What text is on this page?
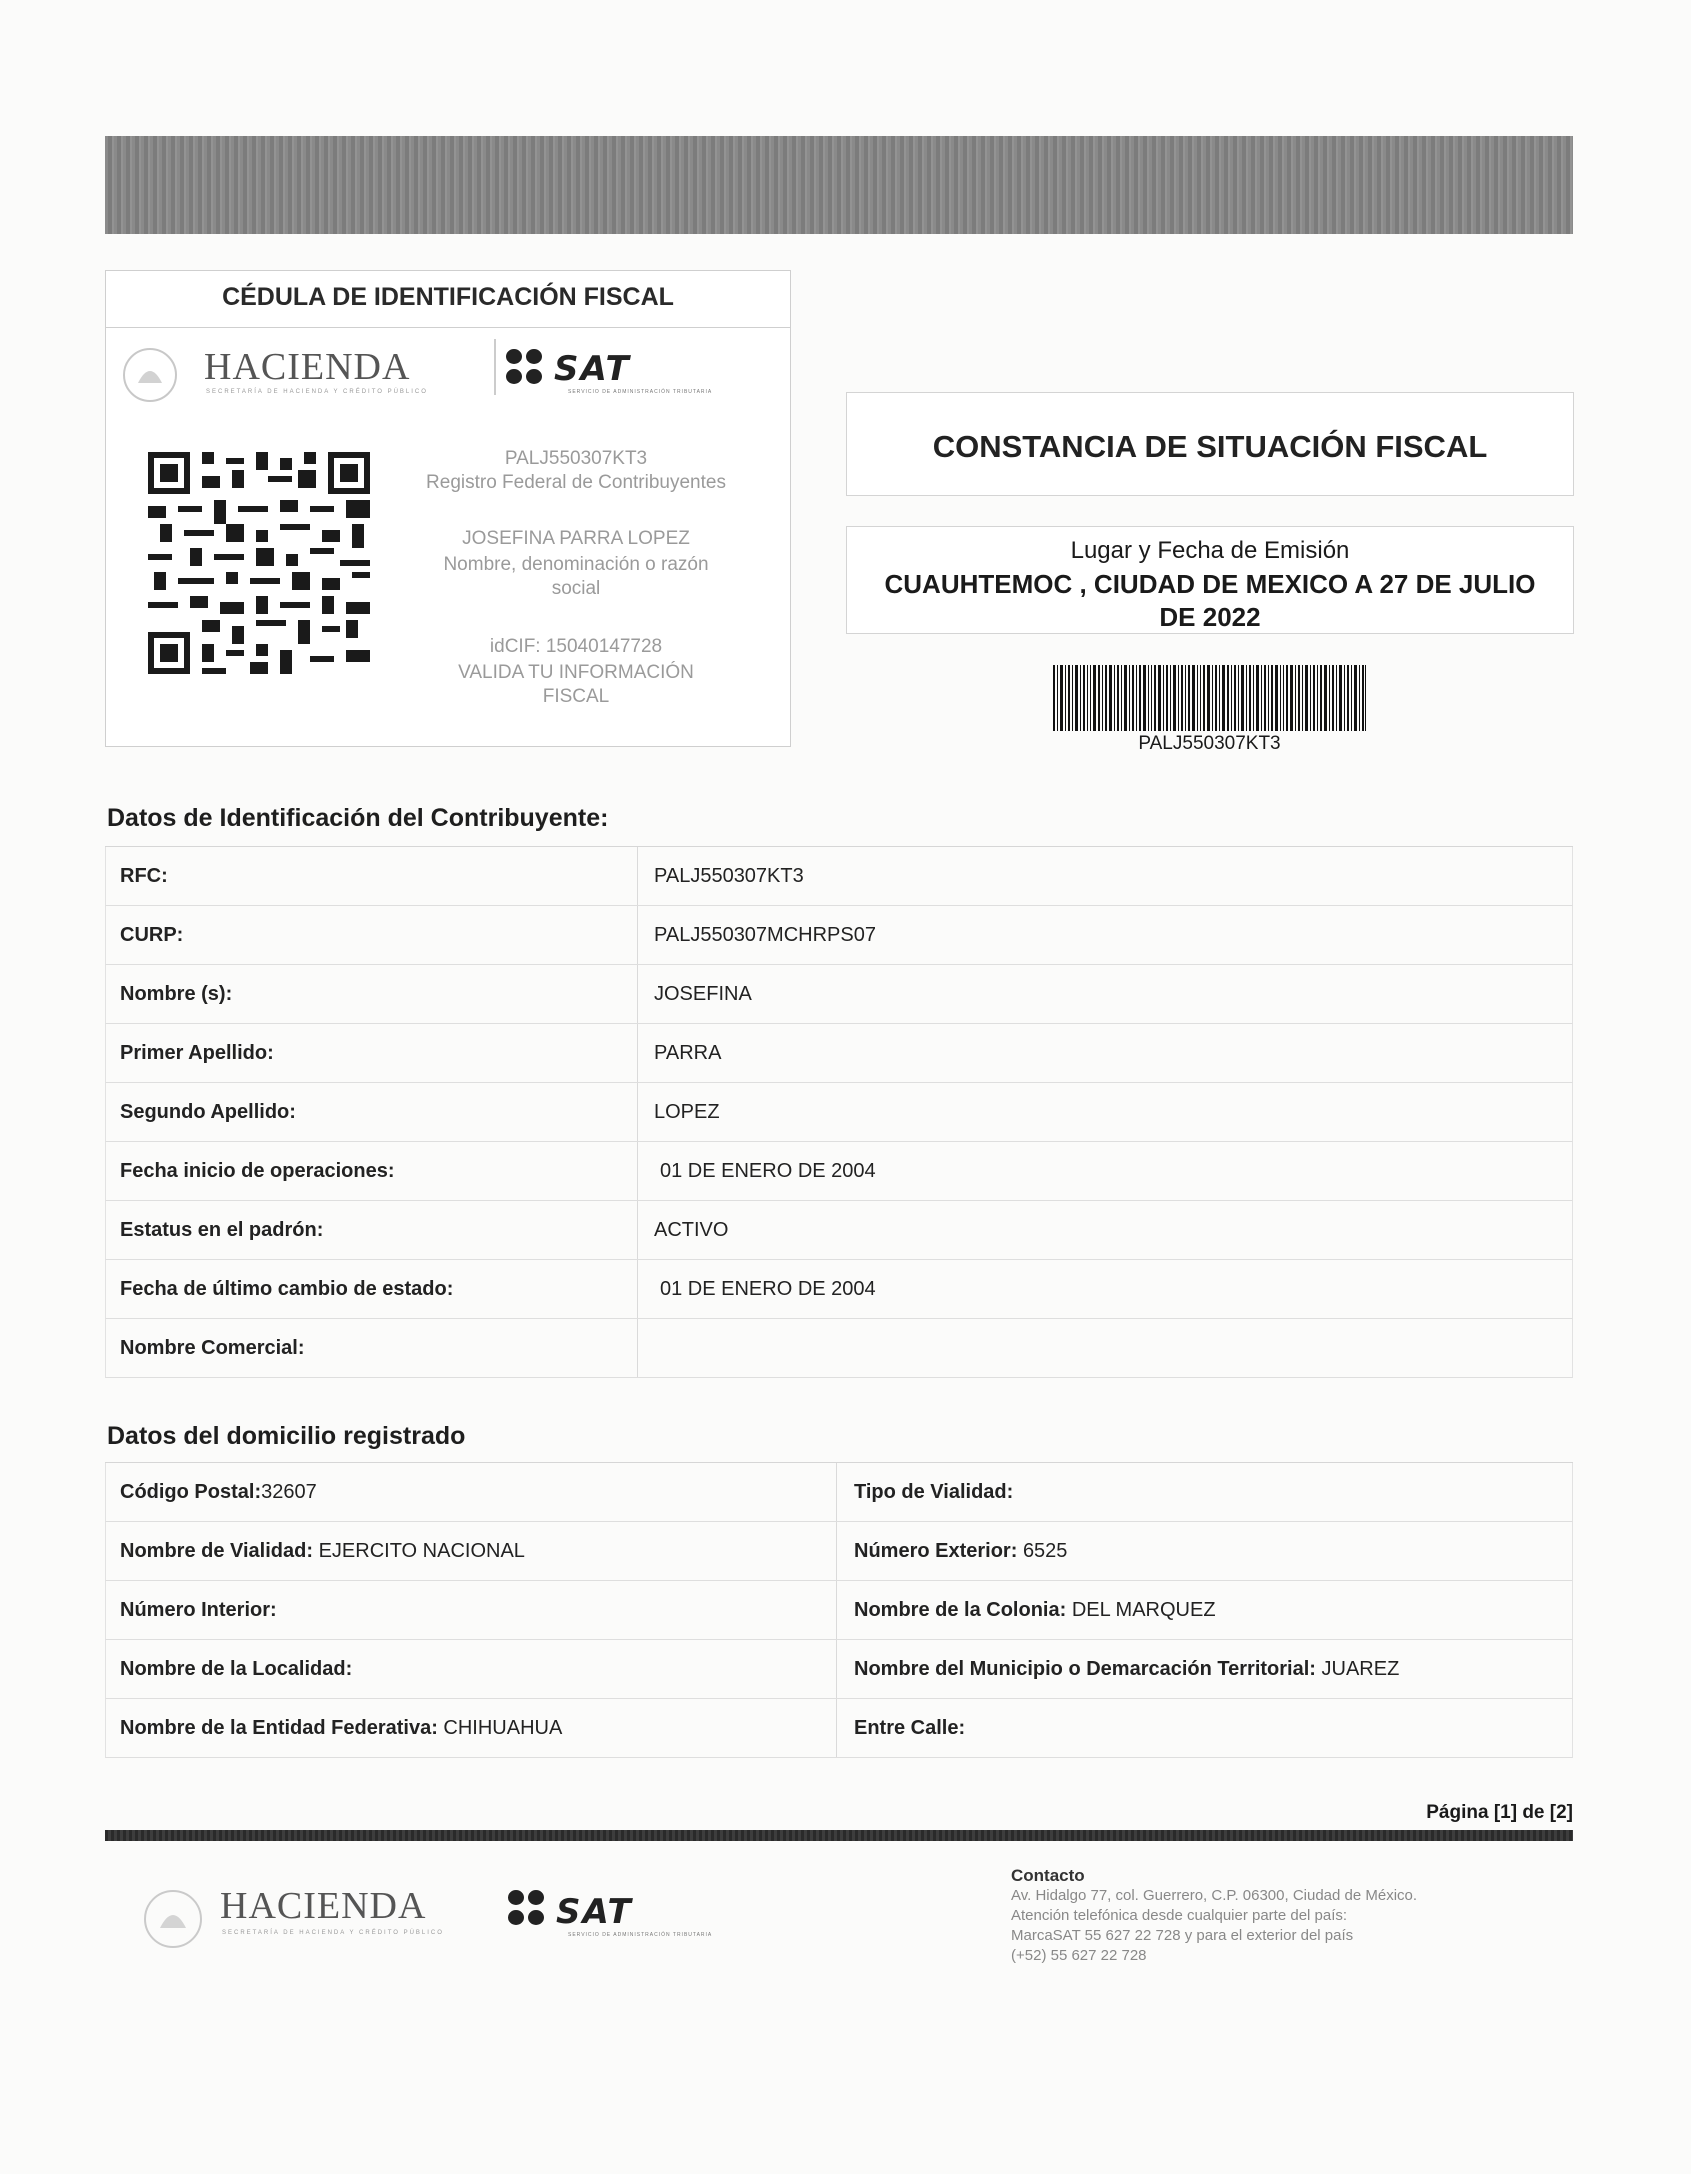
CÉDULA DE IDENTIFICACIÓN FISCAL
HACIENDA
SECRETARÍA DE HACIENDA Y CRÉDITO PÚBLICO
SAT
SERVICIO DE ADMINISTRACIÓN TRIBUTARIA
PALJ550307KT3
Registro Federal de Contribuyentes
JOSEFINA PARRA LOPEZ
Nombre, denominación o razón
social
idCIF: 15040147728
VALIDA TU INFORMACIÓN
FISCAL
CONSTANCIA DE SITUACIÓN FISCAL
Lugar y Fecha de Emisión
CUAUHTEMOC , CIUDAD DE MEXICO A 27 DE JULIO
DE 2022
PALJ550307KT3
Datos de Identificación del Contribuyente:
RFC:	PALJ550307KT3
CURP:	PALJ550307MCHRPS07
Nombre (s):	JOSEFINA
Primer Apellido:	PARRA
Segundo Apellido:	LOPEZ
Fecha inicio de operaciones:	01 DE ENERO DE 2004
Estatus en el padrón:	ACTIVO
Fecha de último cambio de estado:	01 DE ENERO DE 2004
Nombre Comercial:
Datos del domicilio registrado
Código Postal:32607	Tipo de Vialidad:
Nombre de Vialidad: EJERCITO NACIONAL	Número Exterior: 6525
Número Interior:	Nombre de la Colonia: DEL MARQUEZ
Nombre de la Localidad:	Nombre del Municipio o Demarcación Territorial: JUAREZ
Nombre de la Entidad Federativa: CHIHUAHUA	Entre Calle:
Página [1] de [2]
HACIENDA
SECRETARÍA DE HACIENDA Y CRÉDITO PÚBLICO
SAT
SERVICIO DE ADMINISTRACIÓN TRIBUTARIA
Contacto
Av. Hidalgo 77, col. Guerrero, C.P. 06300, Ciudad de México.
Atención telefónica desde cualquier parte del país:
MarcaSAT 55 627 22 728 y para el exterior del país
(+52) 55 627 22 728
